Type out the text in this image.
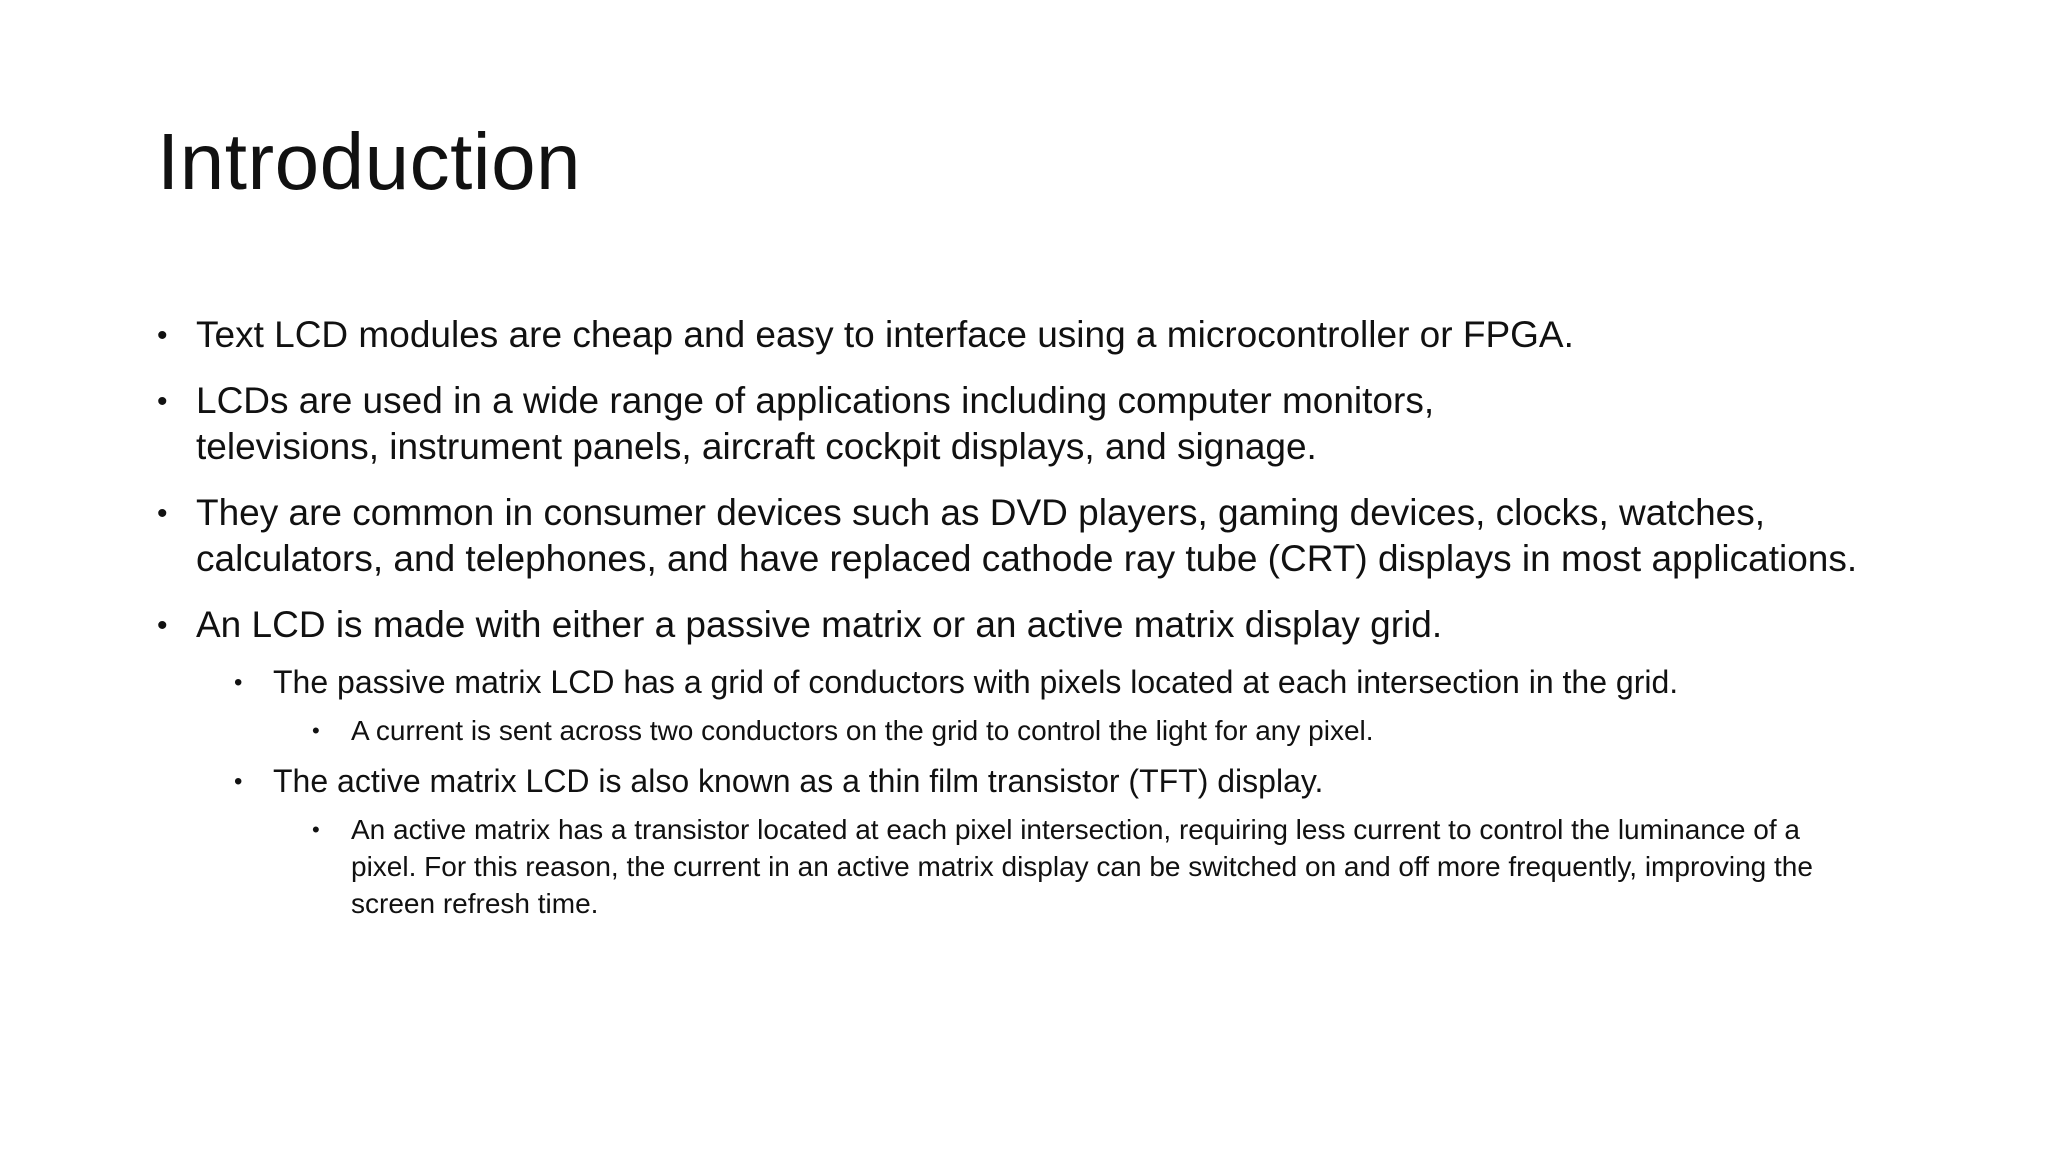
Introduction

• Text LCD modules are cheap and easy to interface using a microcontroller or FPGA.

• LCDs are used in a wide range of applications including computer monitors, televisions, instrument panels, aircraft cockpit displays, and signage.

• They are common in consumer devices such as DVD players, gaming devices, clocks, watches, calculators, and telephones, and have replaced cathode ray tube (CRT) displays in most applications.

• An LCD is made with either a passive matrix or an active matrix display grid.

• The passive matrix LCD has a grid of conductors with pixels located at each intersection in the grid.

• A current is sent across two conductors on the grid to control the light for any pixel.

• The active matrix LCD is also known as a thin film transistor (TFT) display.

• An active matrix has a transistor located at each pixel intersection, requiring less current to control the luminance of a pixel. For this reason, the current in an active matrix display can be switched on and off more frequently, improving the screen refresh time.
